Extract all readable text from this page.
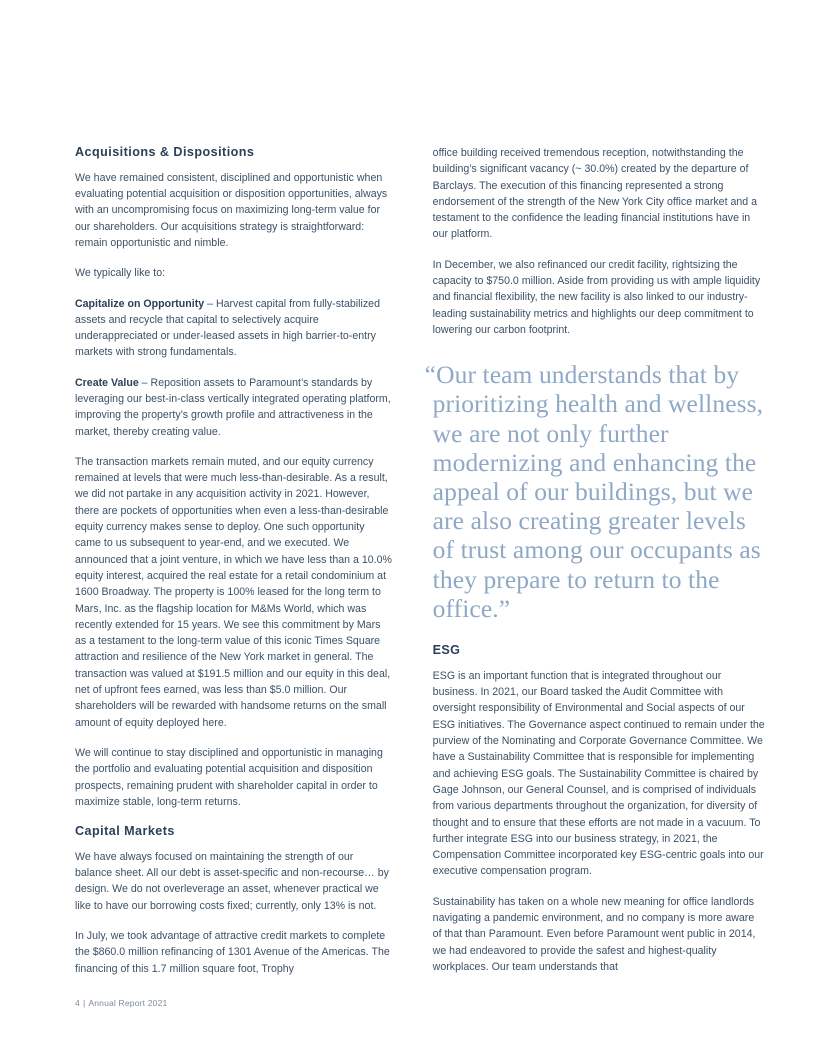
Acquisitions & Dispositions

We have remained consistent, disciplined and opportunistic when evaluating potential acquisition or disposition opportunities, always with an uncompromising focus on maximizing long-term value for our shareholders. Our acquisitions strategy is straightforward: remain opportunistic and nimble.

We typically like to:

Capitalize on Opportunity – Harvest capital from fully-stabilized assets and recycle that capital to selectively acquire underappreciated or under-leased assets in high barrier-to-entry markets with strong fundamentals.

Create Value – Reposition assets to Paramount’s standards by leveraging our best-in-class vertically integrated operating platform, improving the property’s growth profile and attractiveness in the market, thereby creating value.

The transaction markets remain muted, and our equity currency remained at levels that were much less-than-desirable. As a result, we did not partake in any acquisition activity in 2021. However, there are pockets of opportunities when even a less-than-desirable equity currency makes sense to deploy. One such opportunity came to us subsequent to year-end, and we executed. We announced that a joint venture, in which we have less than a 10.0% equity interest, acquired the real estate for a retail condominium at 1600 Broadway. The property is 100% leased for the long term to Mars, Inc. as the flagship location for M&Ms World, which was recently extended for 15 years. We see this commitment by Mars as a testament to the long-term value of this iconic Times Square attraction and resilience of the New York market in general. The transaction was valued at $191.5 million and our equity in this deal, net of upfront fees earned, was less than $5.0 million. Our shareholders will be rewarded with handsome returns on the small amount of equity deployed here.

We will continue to stay disciplined and opportunistic in managing the portfolio and evaluating potential acquisition and disposition prospects, remaining prudent with shareholder capital in order to maximize stable, long-term returns.

Capital Markets

We have always focused on maintaining the strength of our balance sheet. All our debt is asset-specific and non-recourse… by design. We do not overleverage an asset, whenever practical we like to have our borrowing costs fixed; currently, only 13% is not.

In July, we took advantage of attractive credit markets to complete the $860.0 million refinancing of 1301 Avenue of the Americas. The financing of this 1.7 million square foot, Trophy

office building received tremendous reception, notwithstanding the building’s significant vacancy (~ 30.0%) created by the departure of Barclays. The execution of this financing represented a strong endorsement of the strength of the New York City office market and a testament to the confidence the leading financial institutions have in our platform.

In December, we also refinanced our credit facility, rightsizing the capacity to $750.0 million. Aside from providing us with ample liquidity and financial flexibility, the new facility is also linked to our industry-leading sustainability metrics and highlights our deep commitment to lowering our carbon footprint.

“Our team understands that by prioritizing health and wellness, we are not only further modernizing and enhancing the appeal of our buildings, but we are also creating greater levels of trust among our occupants as they prepare to return to the office.”
ESG

ESG is an important function that is integrated throughout our business. In 2021, our Board tasked the Audit Committee with oversight responsibility of Environmental and Social aspects of our ESG initiatives. The Governance aspect continued to remain under the purview of the Nominating and Corporate Governance Committee. We have a Sustainability Committee that is responsible for implementing and achieving ESG goals. The Sustainability Committee is chaired by Gage Johnson, our General Counsel, and is comprised of individuals from various departments throughout the organization, for diversity of thought and to ensure that these efforts are not made in a vacuum. To further integrate ESG into our business strategy, in 2021, the Compensation Committee incorporated key ESG-centric goals into our executive compensation program.

Sustainability has taken on a whole new meaning for office landlords navigating a pandemic environment, and no company is more aware of that than Paramount. Even before Paramount went public in 2014, we had endeavored to provide the safest and highest-quality workplaces. Our team understands that

4 | Annual Report 2021
